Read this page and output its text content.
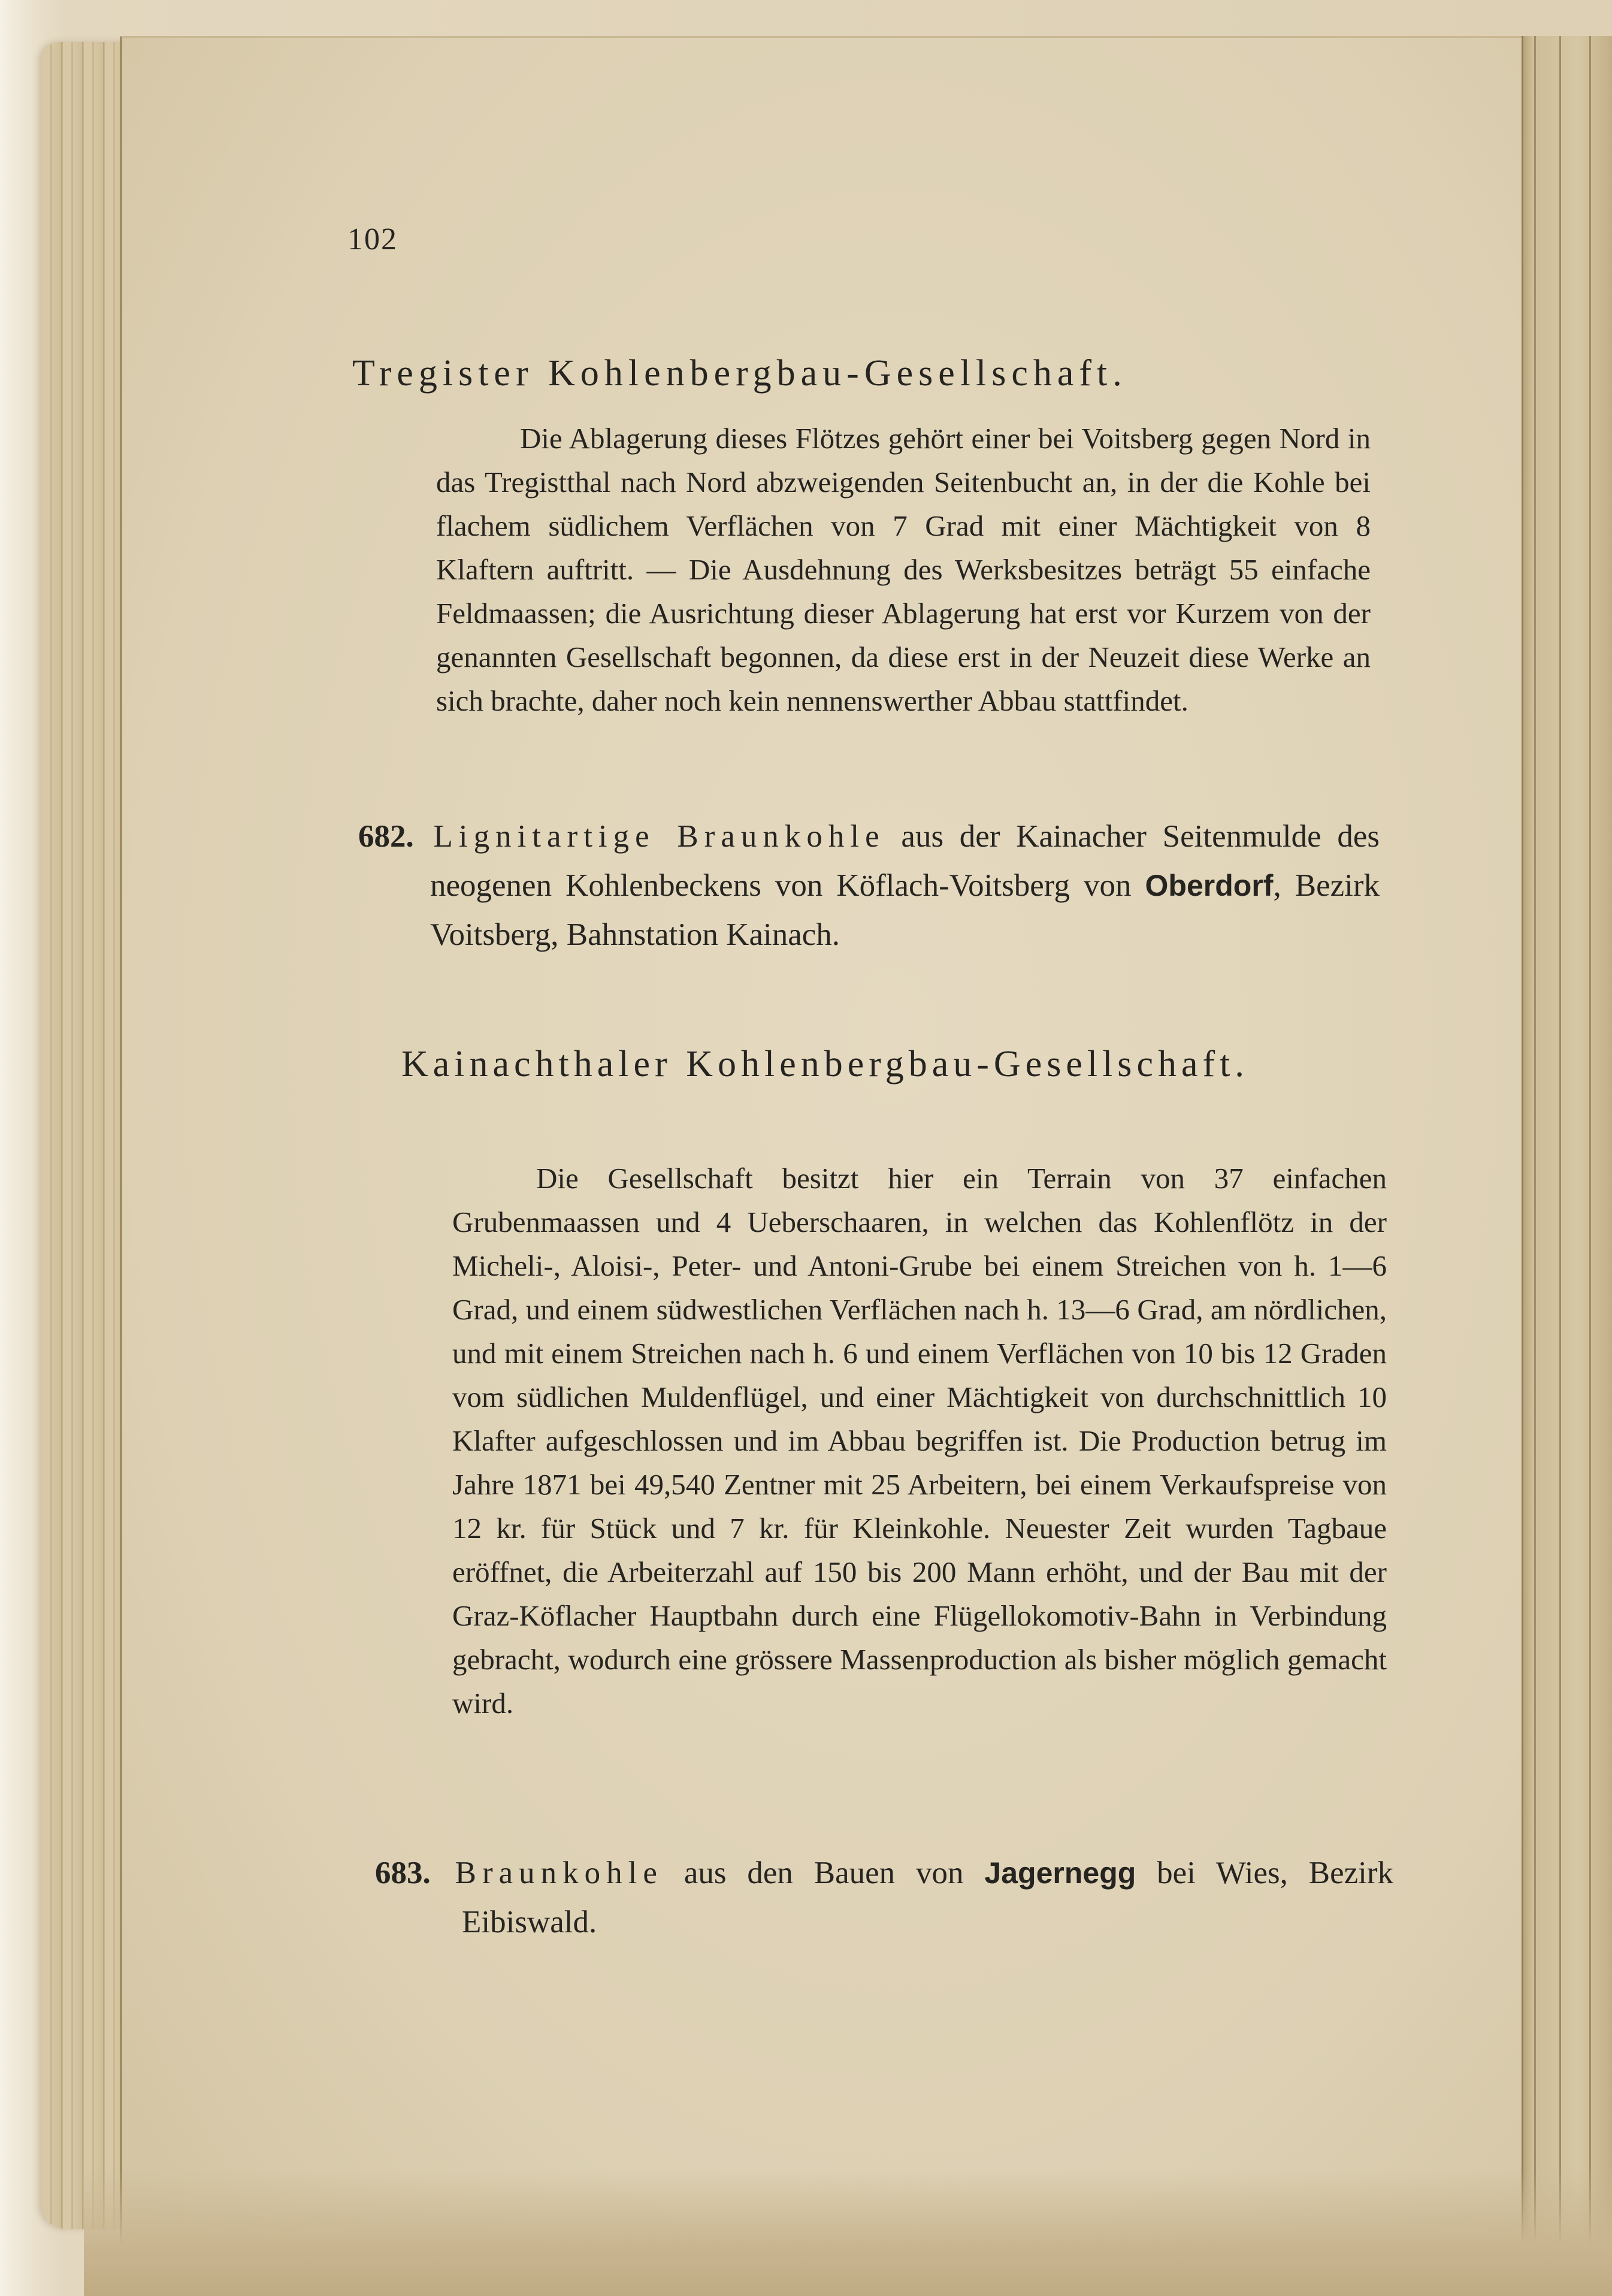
102
Tregister Kohlenbergbau-Gesellschaft.

Die Ablagerung dieses Flötzes gehört einer bei Voitsberg gegen Nord in das Tregistthal nach Nord abzweigenden Seitenbucht an, in der die Kohle bei flachem südlichem Verflächen von 7 Grad mit einer Mächtigkeit von 8 Klaftern auftritt. — Die Ausdehnung des Werksbesitzes beträgt 55 einfache Feldmaassen; die Ausrichtung dieser Ablagerung hat erst vor Kurzem von der genannten Gesellschaft begonnen, da diese erst in der Neuzeit diese Werke an sich brachte, daher noch kein nennenswerther Abbau stattfindet.

682. Lignitartige Braunkohle aus der Kainacher Seitenmulde des neogenen Kohlenbeckens von Köflach-Voitsberg von Oberdorf, Bezirk Voitsberg, Bahnstation Kainach.
Kainachthaler Kohlenbergbau-Gesellschaft.

Die Gesellschaft besitzt hier ein Terrain von 37 einfachen Grubenmaassen und 4 Ueberschaaren, in welchen das Kohlenflötz in der Micheli-, Aloisi-, Peter- und Antoni-Grube bei einem Streichen von h. 1—6 Grad, und einem südwestlichen Verflächen nach h. 13—6 Grad, am nördlichen, und mit einem Streichen nach h. 6 und einem Verflächen von 10 bis 12 Graden vom südlichen Muldenflügel, und einer Mächtigkeit von durchschnittlich 10 Klafter aufgeschlossen und im Abbau begriffen ist. Die Production betrug im Jahre 1871 bei 49,540 Zentner mit 25 Arbeitern, bei einem Verkaufspreise von 12 kr. für Stück und 7 kr. für Kleinkohle. Neuester Zeit wurden Tagbaue eröffnet, die Arbeiterzahl auf 150 bis 200 Mann erhöht, und der Bau mit der Graz-Köflacher Hauptbahn durch eine Flügellokomotiv-Bahn in Verbindung gebracht, wodurch eine grössere Massenproduction als bisher möglich gemacht wird.

683. Braunkohle aus den Bauen von Jagernegg bei Wies, Bezirk Eibiswald.
